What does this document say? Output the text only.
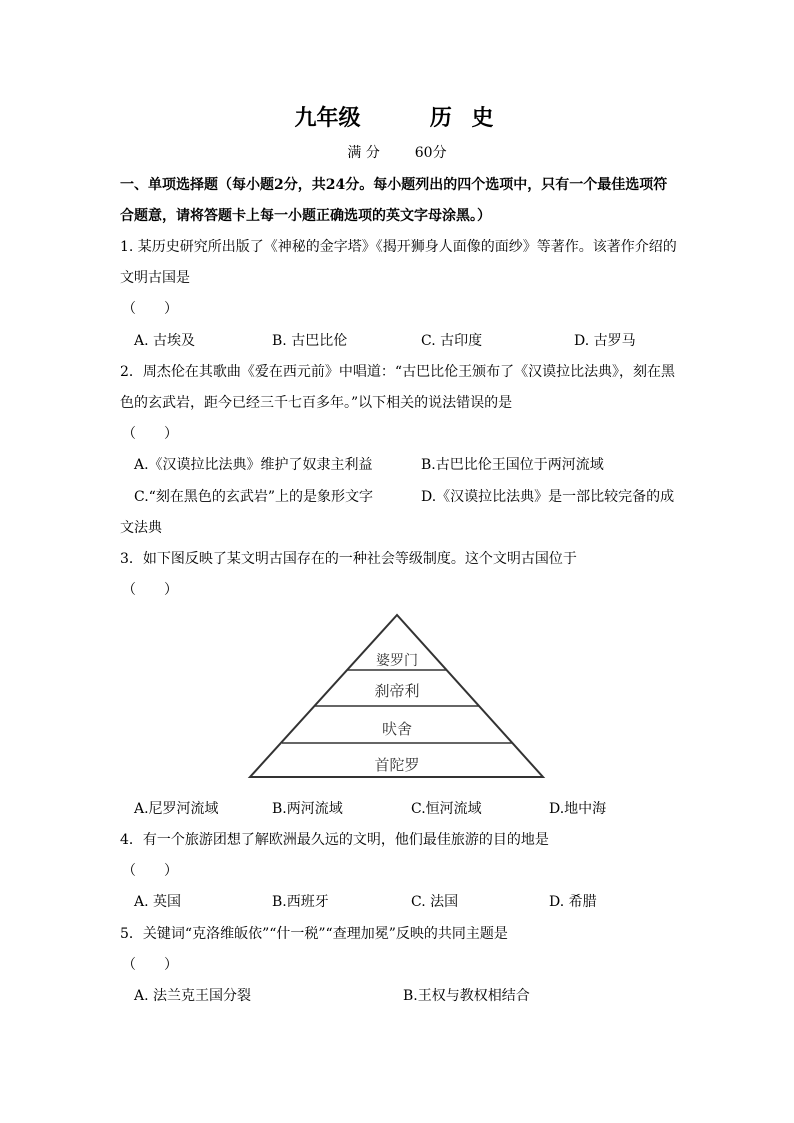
九年级	历 史
满 分 60分
一、单项选择题（每小题2分，共24分。每小题列出的四个选项中，只有一个最佳选项符
合题意，请将答题卡上每一小题正确选项的英文字母涂黑。）
1. 某历史研究所出版了《神秘的金字塔》《揭开狮身人面像的面纱》等著作。该著作介绍的
文明古国是
（　　）
A. 古埃及	B. 古巴比伦	C. 古印度	D. 古罗马
2．周杰伦在其歌曲《爱在西元前》中唱道：“古巴比伦王颁布了《汉谟拉比法典》，刻在黑
色的玄武岩，距今已经三千七百多年。”以下相关的说法错误的是
（　　）
A.《汉谟拉比法典》维护了奴隶主利益	B.古巴比伦王国位于两河流域
C.“刻在黑色的玄武岩”上的是象形文字	D.《汉谟拉比法典》是一部比较完备的成
文法典
3．如下图反映了某文明古国存在的一种社会等级制度。这个文明古国位于
（　　）
婆罗门
刹帝利
吠舍
首陀罗
A.尼罗河流域	B.两河流域	C.恒河流域	D.地中海
4．有一个旅游团想了解欧洲最久远的文明，他们最佳旅游的目的地是
（　　）
A. 英国	B.西班牙	C. 法国	D. 希腊
5．关键词“克洛维皈依”“什一税”“查理加冕”反映的共同主题是
（　　）
A. 法兰克王国分裂	B.王权与教权相结合
